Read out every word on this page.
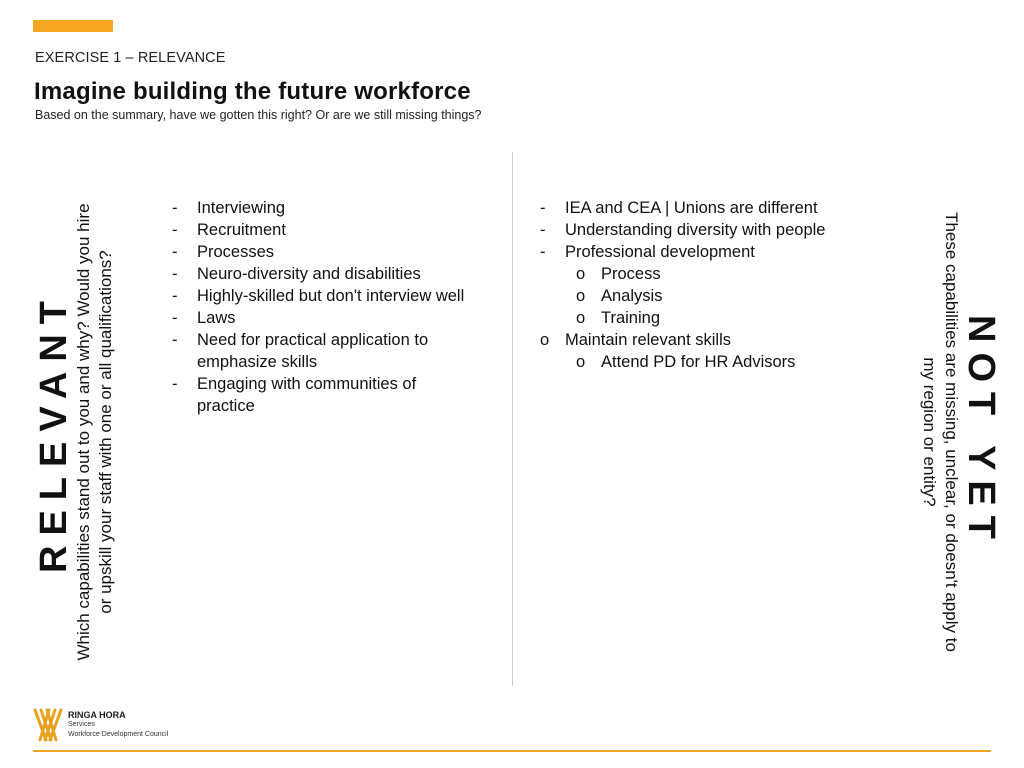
EXERCISE 1 – RELEVANCE
Imagine building the future workforce
Based on the summary, have we gotten this right? Or are we still missing things?
RELEVANT Which capabilities stand out to you and why? Would you hire or upskill your staff with one or all qualifications?
-	Interviewing
-	Recruitment
-	Processes
-	Neuro-diversity and disabilities
-	Highly-skilled but don't interview well
-	Laws
-	Need for practical application to emphasize skills
-	Engaging with communities of practice
-	IEA and CEA | Unions are different
-	Understanding diversity with people
-	Professional development
o Process
o Analysis
o Training
o Maintain relevant skills
o Attend PD for HR Advisors	NOT YET
These capabilities are missing, unclear, or doesn't apply to
my region or entity?
RINGA HORA
Services
Workforce Development Council
